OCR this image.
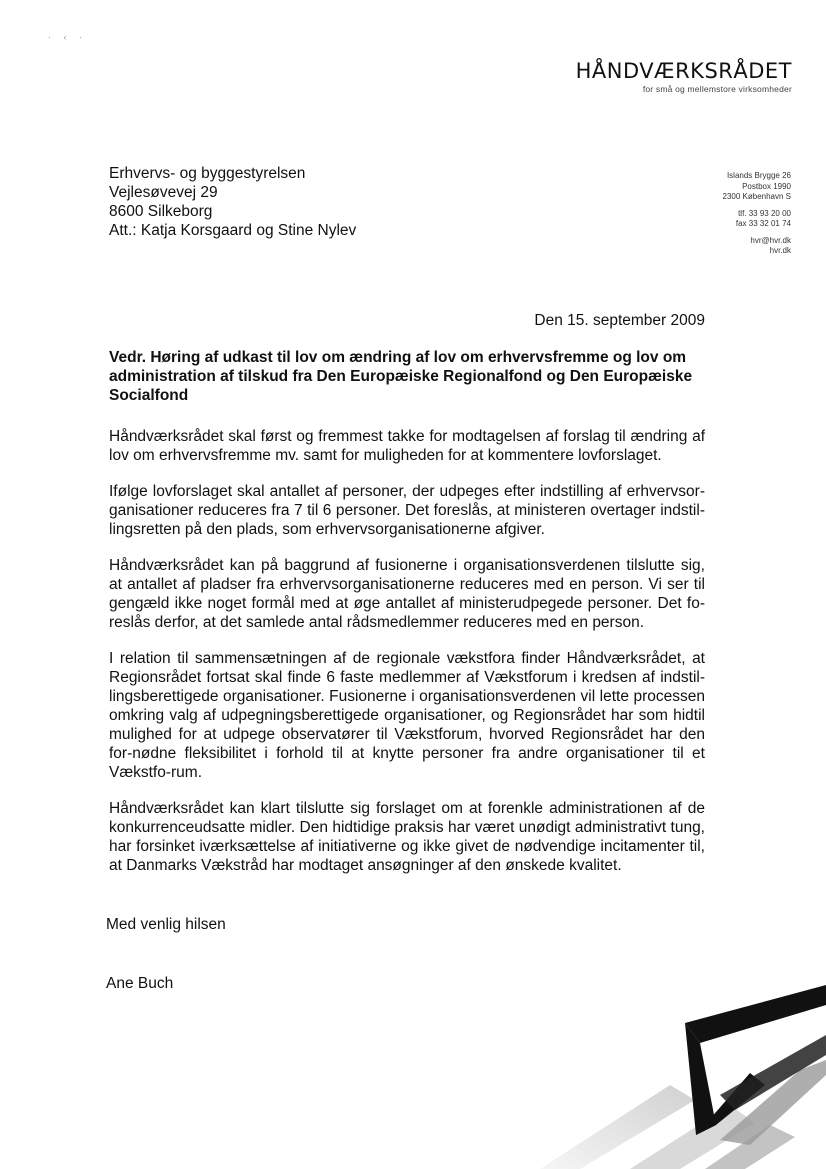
· ‹ ·
HÅNDVÆRKSRÅDET
for små og mellemstore virksomheder
Erhvervs- og byggestyrelsen
Vejlesøvevej 29
8600 Silkeborg
Att.: Katja Korsgaard og Stine Nylev
Islands Brygge 26
Postbox 1990
2300 København S
tlf. 33 93 20 00
fax 33 32 01 74
hvr@hvr.dk
hvr.dk
Den 15. september 2009
Vedr. Høring af udkast til lov om ændring af lov om erhvervsfremme og lov om administration af tilskud fra Den Europæiske Regionalfond og Den Europæiske Socialfond

Håndværksrådet skal først og fremmest takke for modtagelsen af forslag til ændring af lov om erhvervsfremme mv. samt for muligheden for at kommentere lovforslaget.

Ifølge lovforslaget skal antallet af personer, der udpeges efter indstilling af erhvervsor-ganisationer reduceres fra 7 til 6 personer. Det foreslås, at ministeren overtager indstil-lingsretten på den plads, som erhvervsorganisationerne afgiver.

Håndværksrådet kan på baggrund af fusionerne i organisationsverdenen tilslutte sig, at antallet af pladser fra erhvervsorganisationerne reduceres med en person. Vi ser til gengæld ikke noget formål med at øge antallet af ministerudpegede personer. Det fo-reslås derfor, at det samlede antal rådsmedlemmer reduceres med en person.

I relation til sammensætningen af de regionale vækstfora finder Håndværksrådet, at Regionsrådet fortsat skal finde 6 faste medlemmer af Vækstforum i kredsen af indstil-lingsberettigede organisationer. Fusionerne i organisationsverdenen vil lette processen omkring valg af udpegningsberettigede organisationer, og Regionsrådet har som hidtil mulighed for at udpege observatører til Vækstforum, hvorved Regionsrådet har den for-nødne fleksibilitet i forhold til at knytte personer fra andre organisationer til et Vækstfo-rum.

Håndværksrådet kan klart tilslutte sig forslaget om at forenkle administrationen af de konkurrenceudsatte midler. Den hidtidige praksis har været unødigt administrativt tung, har forsinket iværksættelse af initiativerne og ikke givet de nødvendige incitamenter til, at Danmarks Vækstråd har modtaget ansøgninger af den ønskede kvalitet.

Med venlig hilsen
Ane Buch
